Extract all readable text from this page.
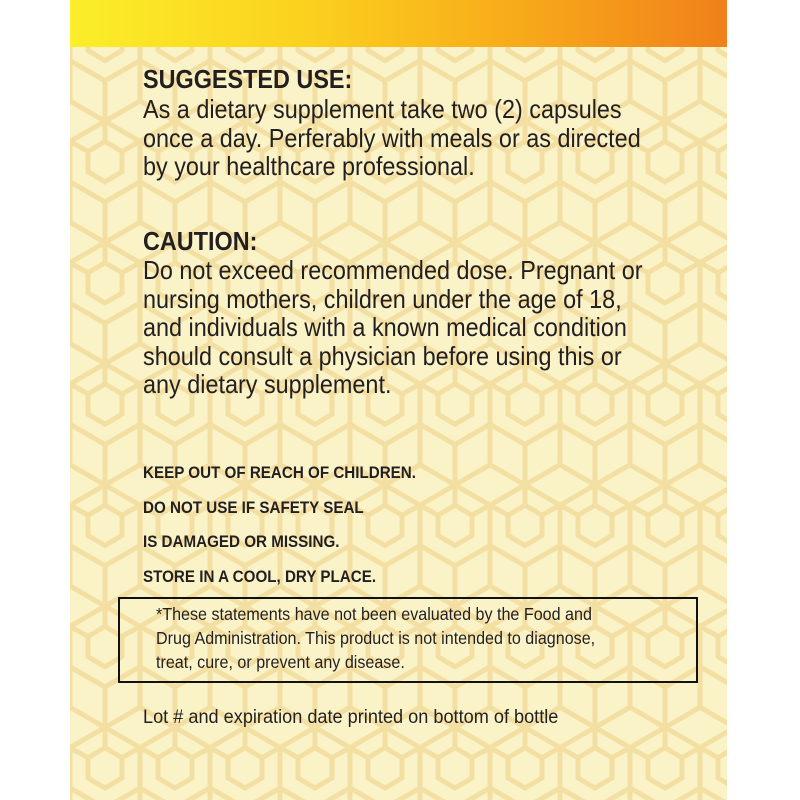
SUGGESTED USE:
As a dietary supplement take two (2) capsules
once a day. Perferably with meals or as directed
by your healthcare professional.
CAUTION:
Do not exceed recommended dose. Pregnant or
nursing mothers, children under the age of 18,
and individuals with a known medical condition
should consult a physician before using this or
any dietary supplement.
KEEP OUT OF REACH OF CHILDREN.
DO NOT USE IF SAFETY SEAL
IS DAMAGED OR MISSING.
STORE IN A COOL, DRY PLACE.
*These statements have not been evaluated by the Food and
Drug Administration. This product is not intended to diagnose,
treat, cure, or prevent any disease.
Lot # and expiration date printed on bottom of bottle
